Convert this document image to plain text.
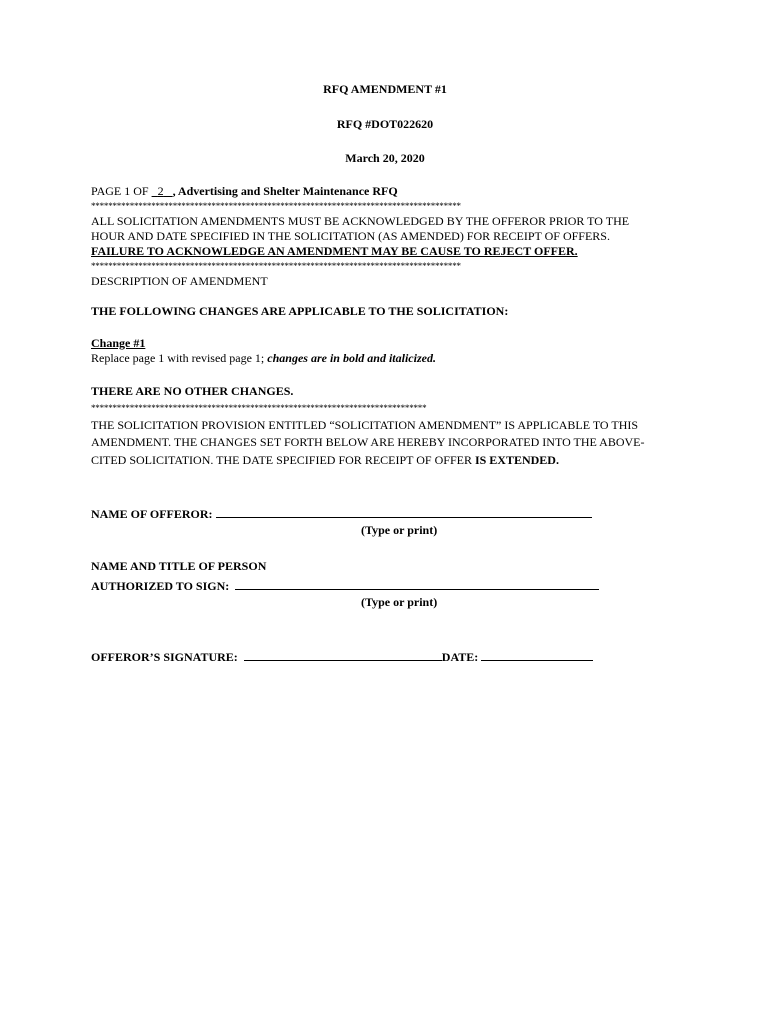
RFQ AMENDMENT #1
RFQ #DOT022620
March 20, 2020
PAGE 1 OF   2 , Advertising and Shelter Maintenance RFQ
**************************************************************************************
ALL SOLICITATION AMENDMENTS MUST BE ACKNOWLEDGED BY THE OFFEROR PRIOR TO THE
HOUR AND DATE SPECIFIED IN THE SOLICITATION (AS AMENDED) FOR RECEIPT OF OFFERS.
FAILURE TO ACKNOWLEDGE AN AMENDMENT MAY BE CAUSE TO REJECT OFFER.
**************************************************************************************
DESCRIPTION OF AMENDMENT
THE FOLLOWING CHANGES ARE APPLICABLE TO THE SOLICITATION:
Change #1
Replace page 1 with revised page 1; changes are in bold and italicized.
THERE ARE NO OTHER CHANGES.
******************************************************************************
THE SOLICITATION PROVISION ENTITLED “SOLICITATION AMENDMENT” IS APPLICABLE TO THIS
AMENDMENT. THE CHANGES SET FORTH BELOW ARE HEREBY INCORPORATED INTO THE ABOVE-
CITED SOLICITATION. THE DATE SPECIFIED FOR RECEIPT OF OFFER IS EXTENDED.
NAME OF OFFEROR:
(Type or print)
NAME AND TITLE OF PERSON
AUTHORIZED TO SIGN:
(Type or print)
OFFEROR’S SIGNATURE:	DATE:
